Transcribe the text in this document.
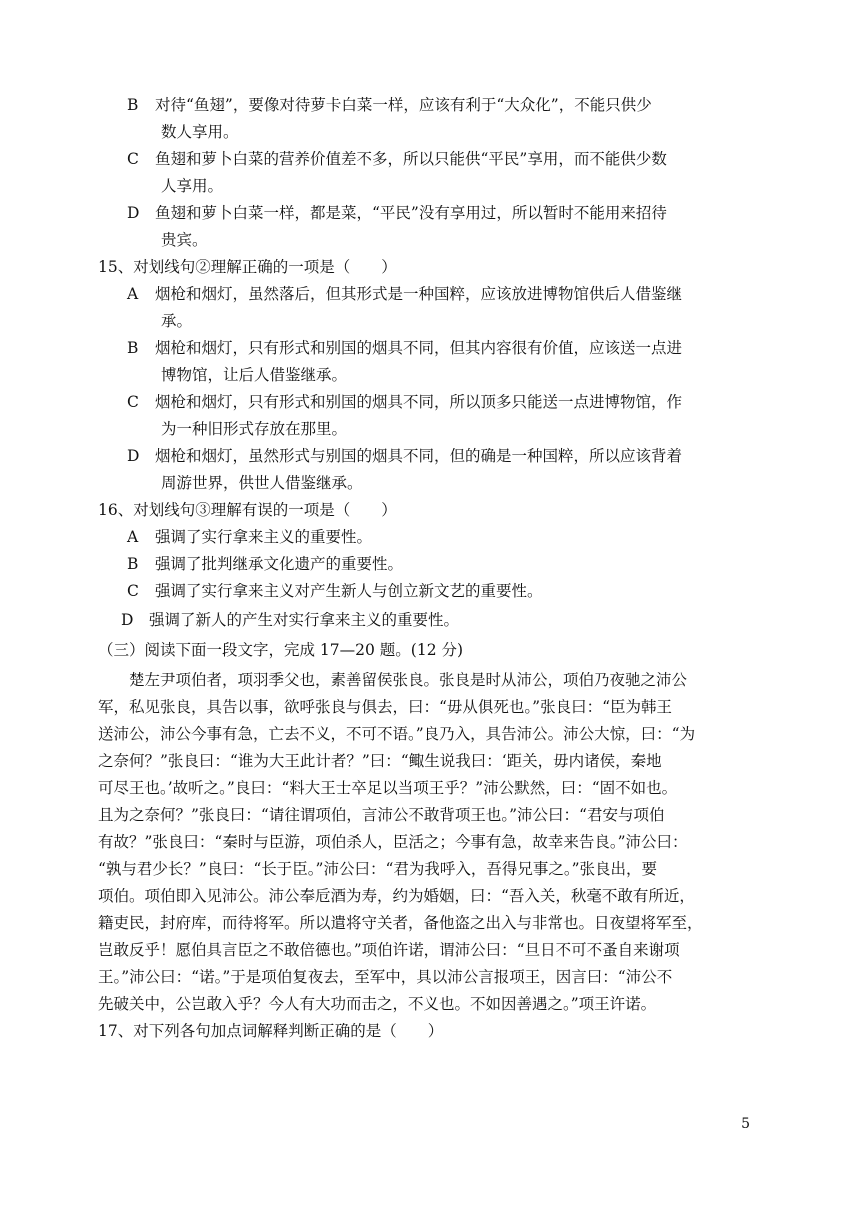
B 对待“鱼翅”，要像对待萝卡白菜一样，应该有利于“大众化”，不能只供少
数人享用。
C 鱼翅和萝卜白菜的营养价值差不多，所以只能供“平民”享用，而不能供少数
人享用。
D 鱼翅和萝卜白菜一样，都是菜，“平民”没有享用过，所以暂时不能用来招待
贵宾。
15、对划线句②理解正确的一项是（　　）
A 烟枪和烟灯，虽然落后，但其形式是一种国粹，应该放进博物馆供后人借鉴继
承。
B 烟枪和烟灯，只有形式和别国的烟具不同，但其内容很有价值，应该送一点进
博物馆，让后人借鉴继承。
C 烟枪和烟灯，只有形式和别国的烟具不同，所以顶多只能送一点进博物馆，作
为一种旧形式存放在那里。
D 烟枪和烟灯，虽然形式与别国的烟具不同，但的确是一种国粹，所以应该背着
周游世界，供世人借鉴继承。
16、对划线句③理解有误的一项是（　　）
A 强调了实行拿来主义的重要性。
B 强调了批判继承文化遗产的重要性。
C 强调了实行拿来主义对产生新人与创立新文艺的重要性。
D 强调了新人的产生对实行拿来主义的重要性。
（三）阅读下面一段文字，完成 17—20 题。(12 分)
楚左尹项伯者，项羽季父也，素善留侯张良。张良是时从沛公，项伯乃夜驰之沛公
军，私见张良，具告以事，欲呼张良与俱去，曰：“毋从俱死也。”张良曰：“臣为韩王
送沛公，沛公今事有急，亡去不义，不可不语。”良乃入，具告沛公。沛公大惊，曰：“为
之奈何？”张良曰：“谁为大王此计者？”曰：“鲰生说我曰：‘距关，毋内诸侯，秦地
可尽王也。’故听之。”良曰：“料大王士卒足以当项王乎？”沛公默然，曰：“固不如也。
且为之奈何？”张良曰：“请往谓项伯，言沛公不敢背项王也。”沛公曰：“君安与项伯
有故？”张良曰：“秦时与臣游，项伯杀人，臣活之；今事有急，故幸来告良。”沛公曰：
“孰与君少长？”良曰：“长于臣。”沛公曰：“君为我呼入，吾得兄事之。”张良出，要
项伯。项伯即入见沛公。沛公奉卮酒为寿，约为婚姻，曰：“吾入关，秋毫不敢有所近，
籍吏民，封府库，而待将军。所以遣将守关者，备他盗之出入与非常也。日夜望将军至，
岂敢反乎！愿伯具言臣之不敢倍德也。”项伯许诺，谓沛公曰：“旦日不可不蚤自来谢项
王。”沛公曰：“诺。”于是项伯复夜去，至军中，具以沛公言报项王，因言曰：“沛公不
先破关中，公岂敢入乎？今人有大功而击之，不义也。不如因善遇之。”项王许诺。
17、对下列各句加点词解释判断正确的是（　　）
5
